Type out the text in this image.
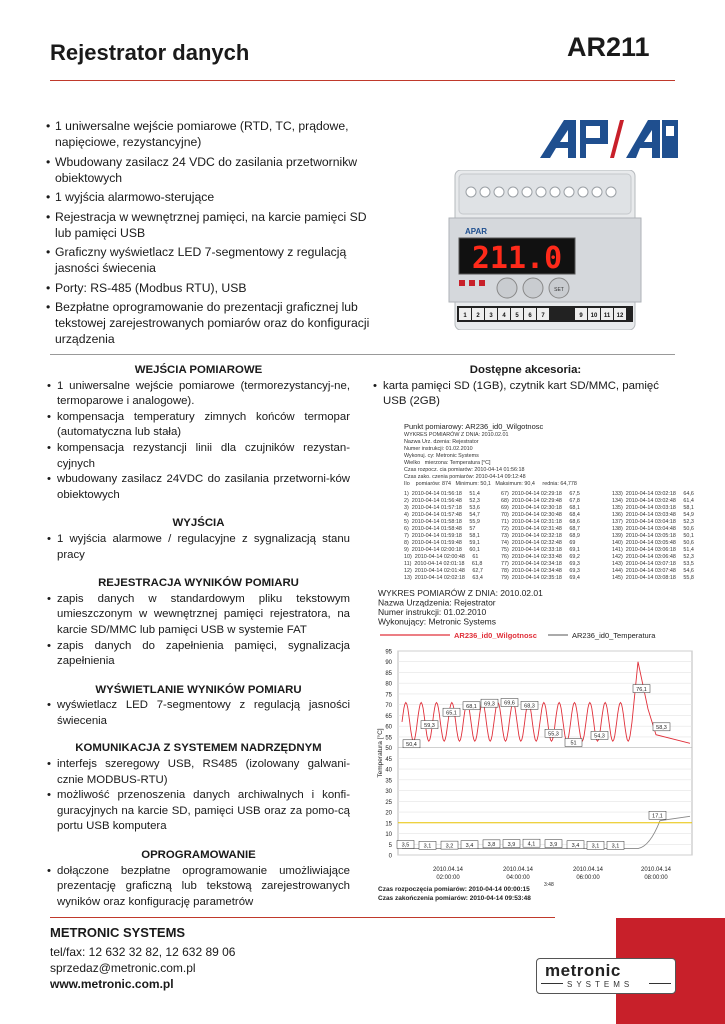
Rejestrator danych	AR211
• 1 uniwersalne wejście pomiarowe (RTD, TC, prądowe, napięciowe, rezystancyjne)
• Wbudowany zasilacz 24 VDC do zasilania przetwornikw obiektowych
• 1 wyjścia alarmowo-sterujące
• Rejestracja w wewnętrznej pamięci, na karcie pamięci SD lub pamięci USB
• Graficzny wyświetlacz LED 7-segmentowy z regulacją jasności świecenia
• Porty: RS-485 (Modbus RTU), USB
• Bezpłatne oprogramowanie do prezentacji graficznej lub tekstowej zarejestrowanych pomiarów oraz do konfiguracji urządzenia
APAR
APAR
211.0
SET
1 2 3 4 5 6 7	9 10 11 12
WEJŚCIA POMIAROWE
• 1 uniwersalne wejście pomiarowe (termorezystancyj-ne, termoparowe i analogowe).
• kompensacja temperatury zimnych końców termopar (automatyczna lub stała)
• kompensacja rezystancji linii dla czujników rezystan-cyjnych
• wbudowany zasilacz 24VDC do zasilania przetworni-ków obiektowych
WYJŚCIA
• 1 wyjścia alarmowe / regulacyjne z sygnalizacją stanu pracy
REJESTRACJA WYNIKÓW POMIARU
• zapis danych w standardowym pliku tekstowym umieszczonym w wewnętrznej pamięci rejestratora, na karcie SD/MMC lub pamięci USB w systemie FAT
• zapis danych do zapełnienia pamięci, sygnalizacja zapełnienia
WYŚWIETLANIE WYNIKÓW POMIARU
• wyświetlacz LED 7-segmentowy z regulacją jasności świecenia
KOMUNIKACJA Z SYSTEMEM NADRZĘDNYM
• interfejs szeregowy USB, RS485 (izolowany galwani-cznie MODBUS-RTU)
• możliwość przenoszenia danych archiwalnych i konfi-guracyjnych na karcie SD, pamięci USB oraz za pomo-cą portu USB komputera
OPROGRAMOWANIE
• dołączone bezpłatne oprogramowanie umożliwiające prezentację graficzną lub tekstową zarejestrowanych wyników oraz konfigurację parametrów
Dostępne akcesoria:
• karta pamięci SD (1GB), czytnik kart SD/MMC, pamięć USB (2GB)
Punkt pomiarowy: AR236_id0_Wilgotnosc
WYKRES POMIARÓW Z DNIA: 2010.02.01
Nazwa Urz. dzenia: Rejestrator
Numer instrukcji: 01.02.2010
Wykonuj. cy: Metronic Systems
Wielko   mierzona: Temperatura [°C]
Czas rozpocz. cia pomiarów: 2010-04-14 01:56:18
Czas zako. czenia pomiarów: 2010-04-14 09:12:48
Ilo    pomiarów: 874   Minimum: 50,1   Maksimum: 90,4     rednia: 64,778
1)  2010-04-14 01:56:18     51,4
2)  2010-04-14 01:56:48     52,3
3)  2010-04-14 01:57:18     53,6
4)  2010-04-14 01:57:48     54,7
5)  2010-04-14 01:58:18     55,9
6)  2010-04-14 01:58:48     57
7)  2010-04-14 01:59:18     58,1
8)  2010-04-14 01:59:48     59,1
9)  2010-04-14 02:00:18     60,1
10)  2010-04-14 02:00:48     61
11)  2010-04-14 02:01:18     61,8
12)  2010-04-14 02:01:48     62,7
13)  2010-04-14 02:02:18     63,4
67)  2010-04-14 02:29:18     67,5
68)  2010-04-14 02:29:48     67,8
69)  2010-04-14 02:30:18     68,1
70)  2010-04-14 02:30:48     68,4
71)  2010-04-14 02:31:18     68,6
72)  2010-04-14 02:31:48     68,7
73)  2010-04-14 02:32:18     68,9
74)  2010-04-14 02:32:48     69
75)  2010-04-14 02:33:18     69,1
76)  2010-04-14 02:33:48     69,2
77)  2010-04-14 02:34:18     69,3
78)  2010-04-14 02:34:48     69,3
79)  2010-04-14 02:35:18     69,4
133)  2010-04-14 03:02:18     64,6
134)  2010-04-14 03:02:48     61,4
135)  2010-04-14 03:03:18     58,1
136)  2010-04-14 03:03:48     54,9
137)  2010-04-14 03:04:18     52,3
138)  2010-04-14 03:04:48     50,6
139)  2010-04-14 03:05:18     50,1
140)  2010-04-14 03:05:48     50,6
141)  2010-04-14 03:06:18     51,4
142)  2010-04-14 03:06:48     52,3
143)  2010-04-14 03:07:18     53,5
144)  2010-04-14 03:07:48     54,6
145)  2010-04-14 03:08:18     55,8
WYKRES POMIARÓW Z DNIA: 2010.02.01
Nazwa Urządzenia: Rejestrator
Numer instrukcji: 01.02.2010
Wykonujący: Metronic Systems
AR236_id0_Wilgotnosc	AR236_id0_Temperatura
0
5
10
15
20
25
30
35
40
45
50
55
60
65
70
75
80
85
90
95
Temperatura [°C]	50,4
59,3
65,1
68,1 69,3 69,6 68,3
55,3
51
54,3
76,1
58,3
3,5	3,1	3,2 3,4	3,8 3,9 4,1	3,9	3,4 3,1 3,1
17,1
2010.04.14
02:00:00
2010.04.14
04:00:00
2010.04.14
06:00:00
2010.04.14
08:00:00
3:48
Czas rozpoczęcia pomiarów: 2010-04-14 00:00:15
Czas zakończenia pomiarów: 2010-04-14 09:53:48
METRONIC SYSTEMS
tel/fax: 12 632 32 82, 12 632 89 06
sprzedaz@metronic.com.pl
www.metronic.com.pl
metronic
SYSTEMS
